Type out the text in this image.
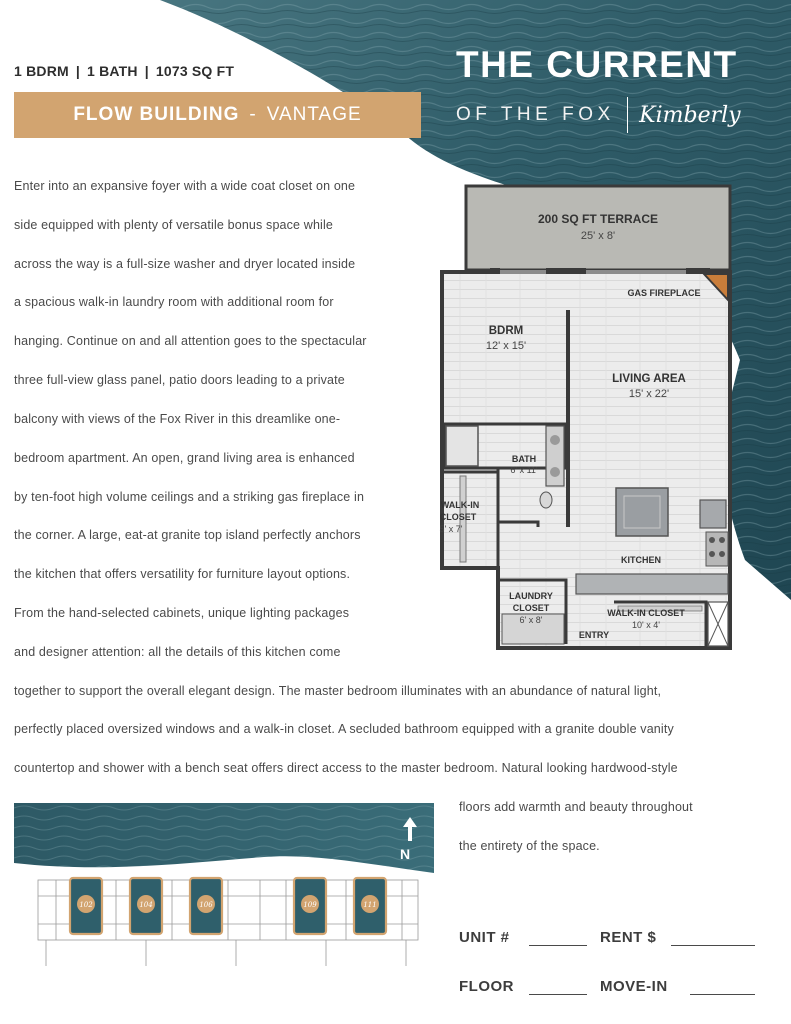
1 BDRM | 1 BATH | 1073 SQ FT
FLOW BUILDING - VANTAGE
THE CURRENT
OF THE FOX Kimberly
Enter into an expansive foyer with a wide coat closet on one
side equipped with plenty of versatile bonus space while
across the way is a full-size washer and dryer located inside
a spacious walk-in laundry room with additional room for
hanging. Continue on and all attention goes to the spectacular
three full-view glass panel, patio doors leading to a private
balcony with views of the Fox River in this dreamlike one-
bedroom apartment. An open, grand living area is enhanced
by ten-foot high volume ceilings and a striking gas fireplace in
the corner. A large, eat-at granite top island perfectly anchors
the kitchen that offers versatility for furniture layout options.
From the hand-selected cabinets, unique lighting packages
and designer attention: all the details of this kitchen come
together to support the overall elegant design. The master bedroom illuminates with an abundance of natural light,
perfectly placed oversized windows and a walk-in closet. A secluded bathroom equipped with a granite double vanity
countertop and shower with a bench seat offers direct access to the master bedroom. Natural looking hardwood-style
floors add warmth and beauty throughout
the entirety of the space.
200 SQ FT TERRACE
25' x 8'
GAS FIREPLACE
BDRM
12' x 15'
LIVING AREA
15' x 22'
BATH
6' x 11'
WALK-IN
CLOSET
5' x 7'
KITCHEN
LAUNDRY
CLOSET
6' x 8'
WALK-IN CLOSET
10' x 4'
ENTRY
N
102	104	106	109	111
UNIT #	RENT $
FLOOR	MOVE-IN
